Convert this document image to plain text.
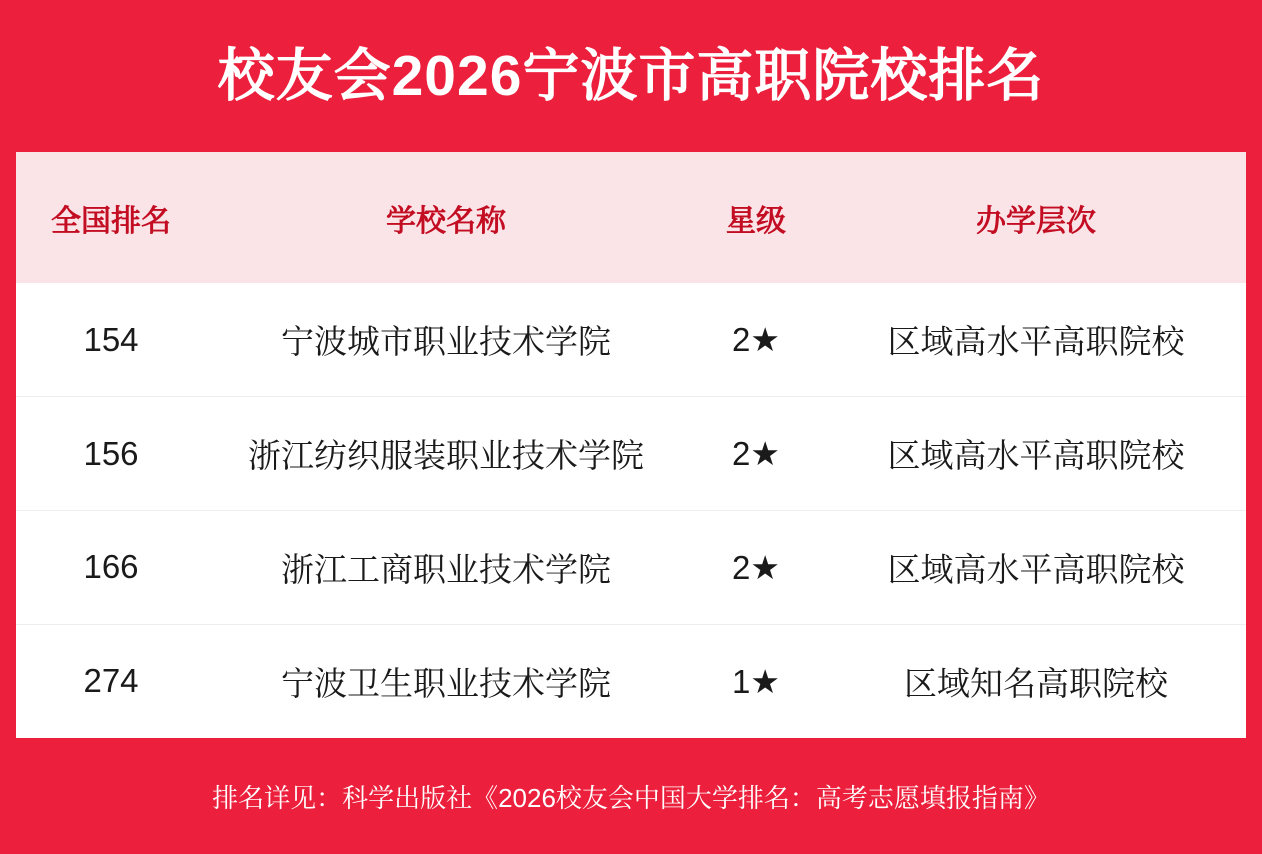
校友会2026宁波市高职院校排名
全国排名	学校名称	星级	办学层次
154	宁波城市职业技术学院	2★	区域高水平高职院校
156	浙江纺织服装职业技术学院	2★	区域高水平高职院校
166	浙江工商职业技术学院	2★	区域高水平高职院校
274	宁波卫生职业技术学院	1★	区域知名高职院校
排名详见：科学出版社《2026校友会中国大学排名：高考志愿填报指南》
